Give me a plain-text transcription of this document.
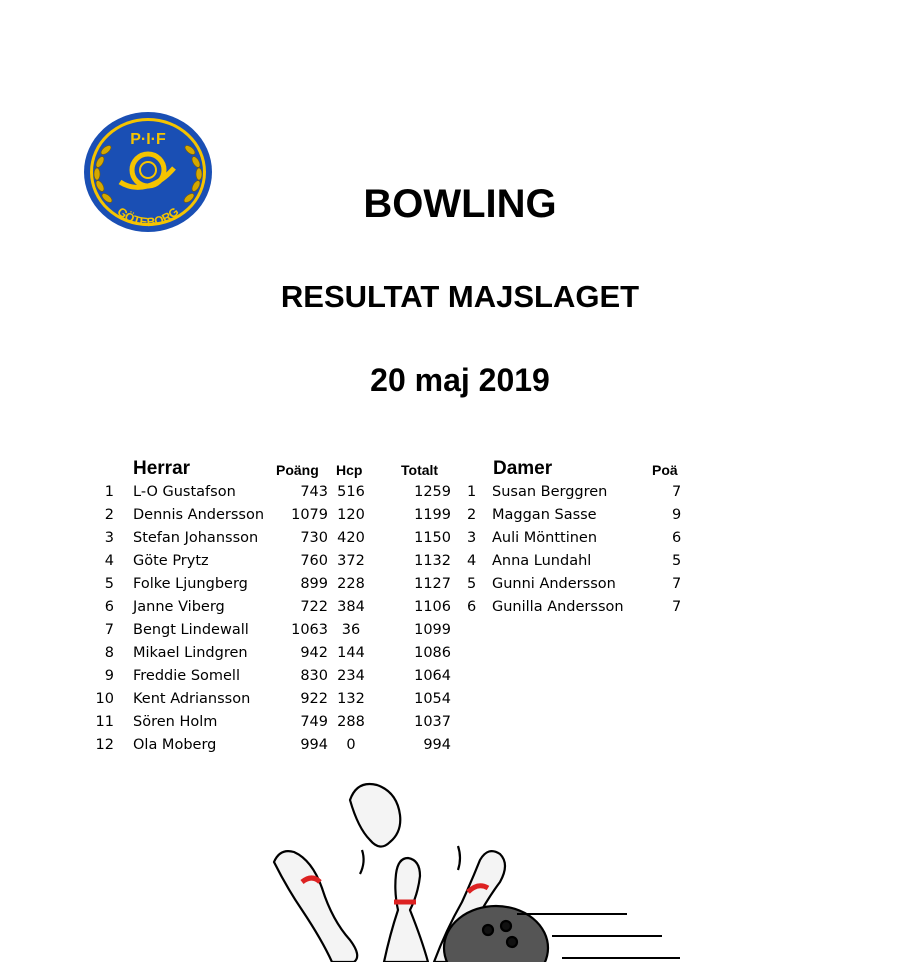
P·I·F
GÖTEBORG	BOWLING
RESULTAT MAJSLAGET
20 maj 2019
Herrar	Poäng Hcp	Totalt	Damer	Poä
1 L-O Gustafson	743 516	1259
2 Dennis Andersson	1079 120	1199
3 Stefan Johansson	730 420	1150
4 Göte Prytz	760 372	1132
5 Folke Ljungberg	899 228	1127
6 Janne Viberg	722 384	1106
7 Bengt Lindewall	1063 36	1099
8 Mikael Lindgren	942 144	1086
9 Freddie Somell	830 234	1064
10 Kent Adriansson	922 132	1054
11 Sören Holm	749 288	1037
12 Ola Moberg	994	0	994
1 Susan Berggren	7
2 Maggan Sasse	9
3 Auli Mönttinen	6
4 Anna Lundahl	5
5 Gunni Andersson	7
6 Gunilla Andersson	7
